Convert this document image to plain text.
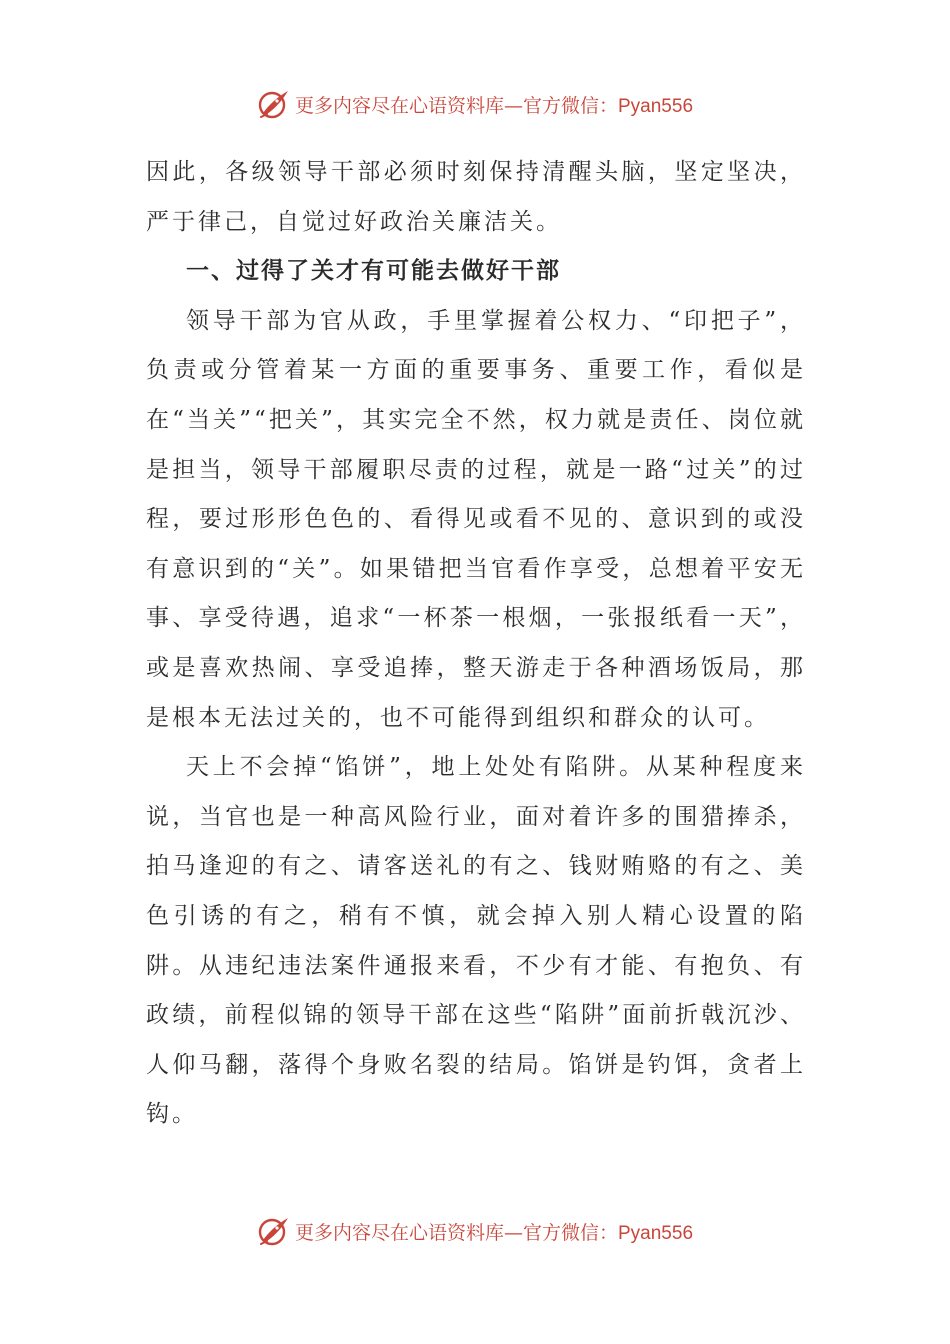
更多内容尽在心语资料库—官方微信：Pyan556

因此，各级领导干部必须时刻保持清醒头脑，坚定坚决，严于律己，自觉过好政治关廉洁关。

一、过得了关才有可能去做好干部

领导干部为官从政，手里掌握着公权力、“印把子”，负责或分管着某一方面的重要事务、重要工作，看似是在“当关”“把关”，其实完全不然，权力就是责任、岗位就是担当，领导干部履职尽责的过程，就是一路“过关”的过程，要过形形色色的、看得见或看不见的、意识到的或没有意识到的“关”。如果错把当官看作享受，总想着平安无事、享受待遇，追求“一杯茶一根烟，一张报纸看一天”，或是喜欢热闹、享受追捧，整天游走于各种酒场饭局，那是根本无法过关的，也不可能得到组织和群众的认可。

天上不会掉“馅饼”，地上处处有陷阱。从某种程度来说，当官也是一种高风险行业，面对着许多的围猎捧杀，拍马逢迎的有之、请客送礼的有之、钱财贿赂的有之、美色引诱的有之，稍有不慎，就会掉入别人精心设置的陷阱。从违纪违法案件通报来看，不少有才能、有抱负、有政绩，前程似锦的领导干部在这些“陷阱”面前折戟沉沙、人仰马翻，落得个身败名裂的结局。馅饼是钓饵，贪者上钩。

更多内容尽在心语资料库—官方微信：Pyan556
